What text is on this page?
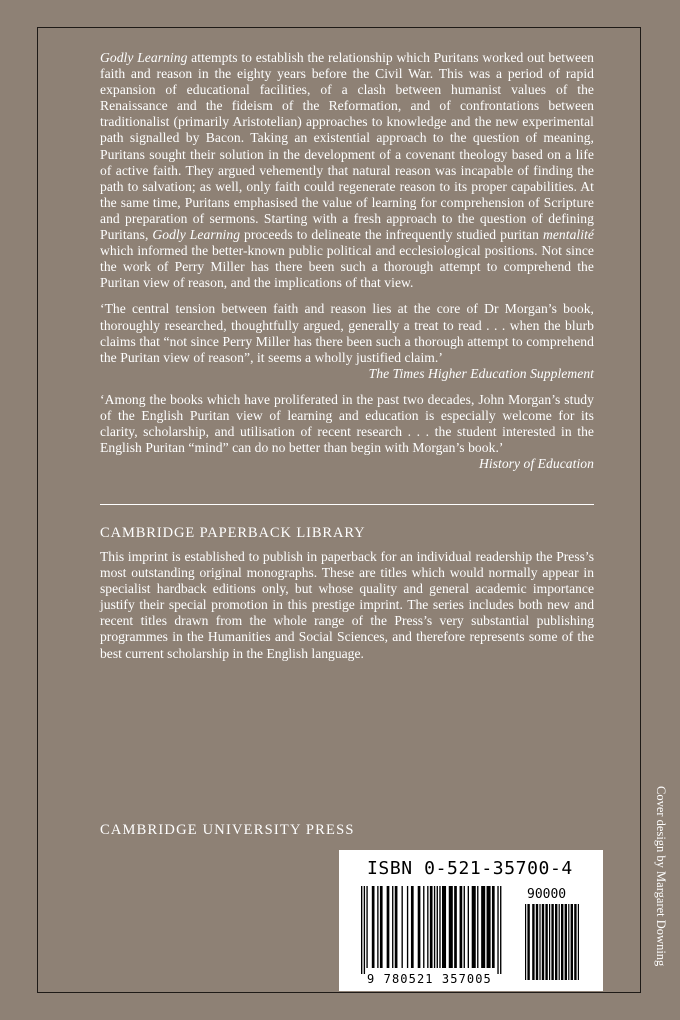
Godly Learning attempts to establish the relationship which Puritans worked out between faith and reason in the eighty years before the Civil War. This was a period of rapid expansion of educational facilities, of a clash between humanist values of the Renaissance and the fideism of the Reformation, and of confrontations between traditionalist (primarily Aristotelian) approaches to knowledge and the new experimental path signalled by Bacon. Taking an existential approach to the question of meaning, Puritans sought their solution in the development of a covenant theology based on a life of active faith. They argued vehemently that natural reason was incapable of finding the path to salvation; as well, only faith could regenerate reason to its proper capabilities. At the same time, Puritans emphasised the value of learning for comprehension of Scripture and preparation of sermons. Starting with a fresh approach to the question of defining Puritans, Godly Learning proceeds to delineate the infrequently studied puritan mentalité which informed the better-known public political and ecclesiological positions. Not since the work of Perry Miller has there been such a thorough attempt to comprehend the Puritan view of reason, and the implications of that view.

‘The central tension between faith and reason lies at the core of Dr Morgan’s book, thoroughly researched, thoughtfully argued, generally a treat to read . . . when the blurb claims that “not since Perry Miller has there been such a thorough attempt to comprehend the Puritan view of reason”, it seems a wholly justified claim.’
The Times Higher Education Supplement

‘Among the books which have proliferated in the past two decades, John Morgan’s study of the English Puritan view of learning and education is especially welcome for its clarity, scholarship, and utilisation of recent research . . . the student interested in the English Puritan “mind” can do no better than begin with Morgan’s book.’
History of Education

CAMBRIDGE PAPERBACK LIBRARY

This imprint is established to publish in paperback for an individual readership the Press’s most outstanding original monographs. These are titles which would normally appear in specialist hardback editions only, but whose quality and general academic importance justify their special promotion in this prestige imprint. The series includes both new and recent titles drawn from the whole range of the Press’s very substantial publishing programmes in the Humanities and Social Sciences, and therefore represents some of the best current scholarship in the English language.

CAMBRIDGE UNIVERSITY PRESS
ISBN 0-521-35700-4
90000
9 780521 357005
Cover design by Margaret Downing
